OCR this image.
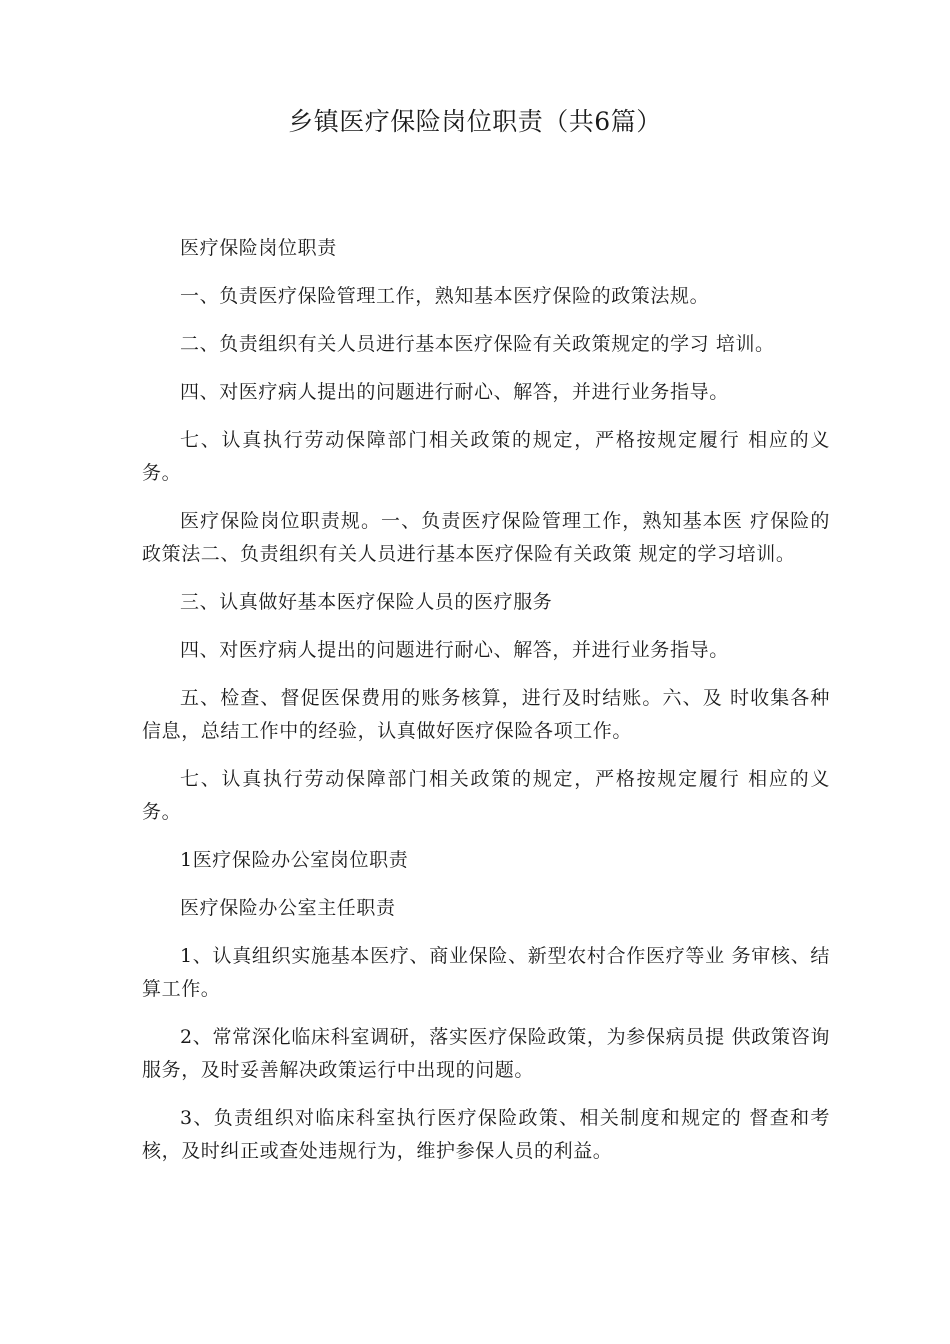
乡镇医疗保险岗位职责（共6篇）

医疗保险岗位职责

一、负责医疗保险管理工作，熟知基本医疗保险的政策法规。

二、负责组织有关人员进行基本医疗保险有关政策规定的学习 培训。

四、对医疗病人提出的问题进行耐心、解答，并进行业务指导。

七、认真执行劳动保障部门相关政策的规定，严格按规定履行 相应的义务。

医疗保险岗位职责规。一、负责医疗保险管理工作，熟知基本医 疗保险的政策法二、负责组织有关人员进行基本医疗保险有关政策 规定的学习培训。

三、认真做好基本医疗保险人员的医疗服务

四、对医疗病人提出的问题进行耐心、解答，并进行业务指导。

五、检查、督促医保费用的账务核算，进行及时结账。六、及 时收集各种信息，总结工作中的经验，认真做好医疗保险各项工作。

七、认真执行劳动保障部门相关政策的规定，严格按规定履行 相应的义务。

1医疗保险办公室岗位职责

医疗保险办公室主任职责

1、认真组织实施基本医疗、商业保险、新型农村合作医疗等业 务审核、结算工作。

2、常常深化临床科室调研，落实医疗保险政策，为参保病员提 供政策咨询服务，及时妥善解决政策运行中出现的问题。

3、负责组织对临床科室执行医疗保险政策、相关制度和规定的 督查和考核，及时纠正或查处违规行为，维护参保人员的利益。
